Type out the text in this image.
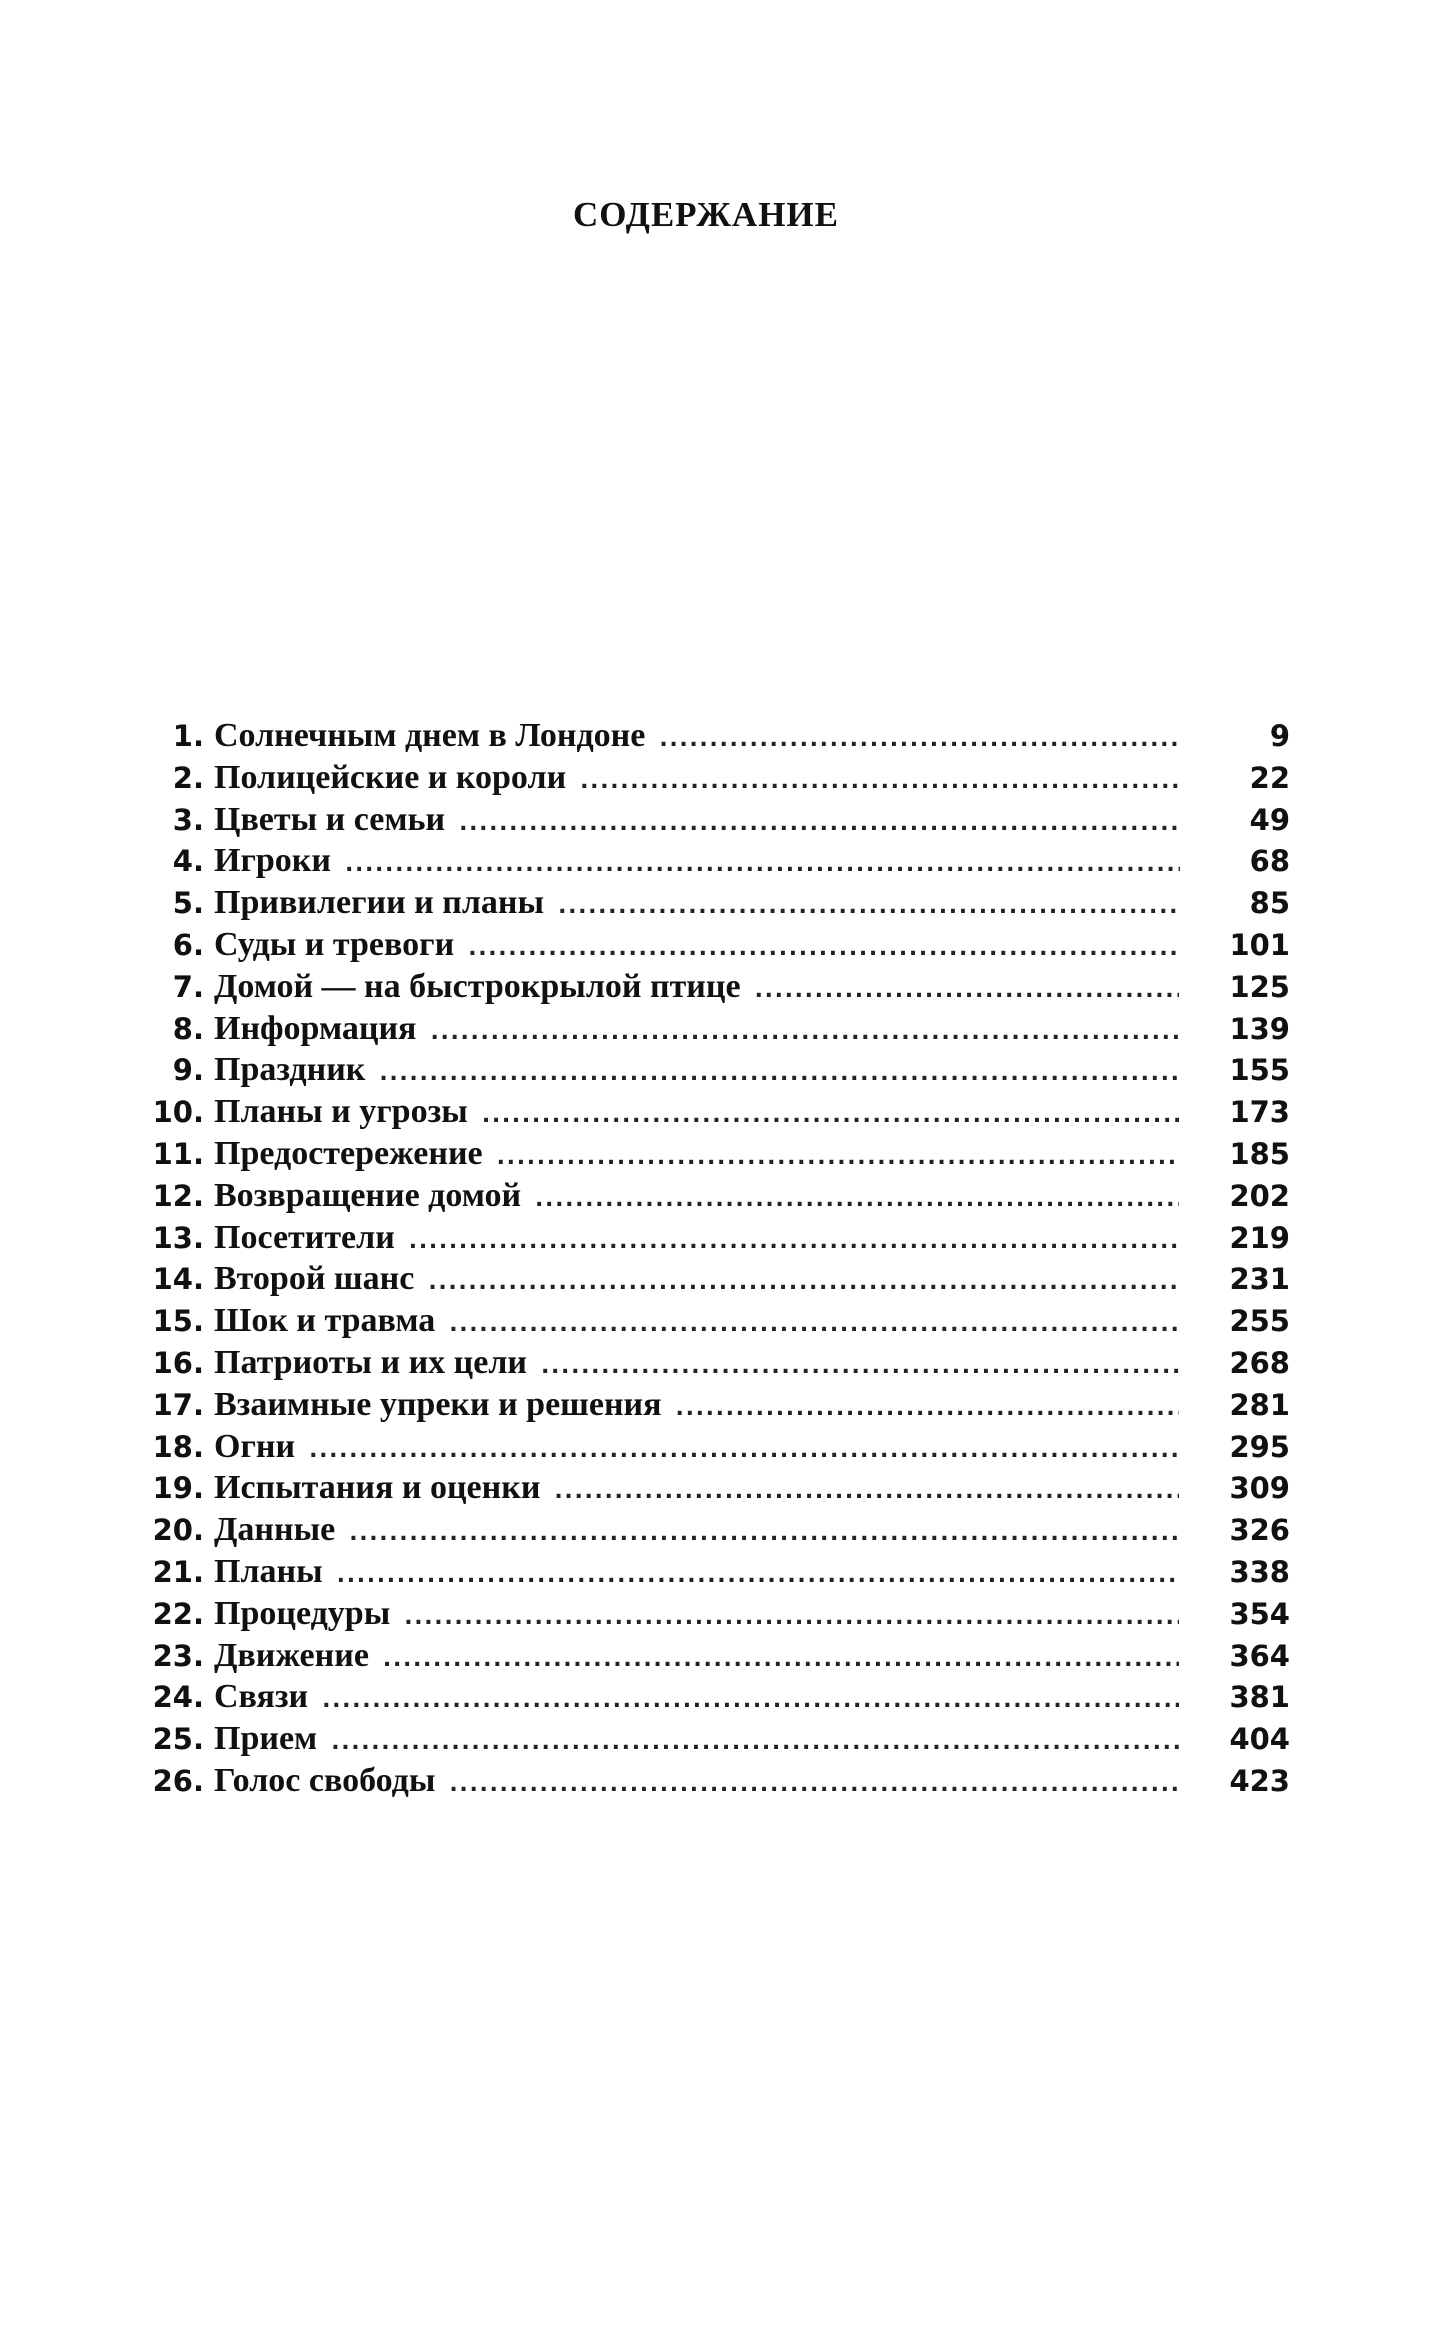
СОДЕРЖАНИЕ
1. Солнечным днем в Лондоне . . .	9
2. Полицейские и короли . . .	22
3. Цветы и семьи . . .	49
4. Игроки . . .	68
5. Привилегии и планы . . .	85
6. Суды и тревоги . . .	101
7. Домой — на быстрокрылой птице . . .	125
8. Информация . . .	139
9. Праздник . . .	155
10. Планы и угрозы . . .	173
11. Предостережение . . .	185
12. Возвращение домой . . .	202
13. Посетители . . .	219
14. Второй шанс . . .	231
15. Шок и травма . . .	255
16. Патриоты и их цели . . .	268
17. Взаимные упреки и решения . . .	281
18. Огни . . .	295
19. Испытания и оценки . . .	309
20. Данные . . .	326
21. Планы . . .	338
22. Процедуры . . .	354
23. Движение . . .	364
24. Связи . . .	381
25. Прием . . .	404
26. Голос свободы . . .	423
